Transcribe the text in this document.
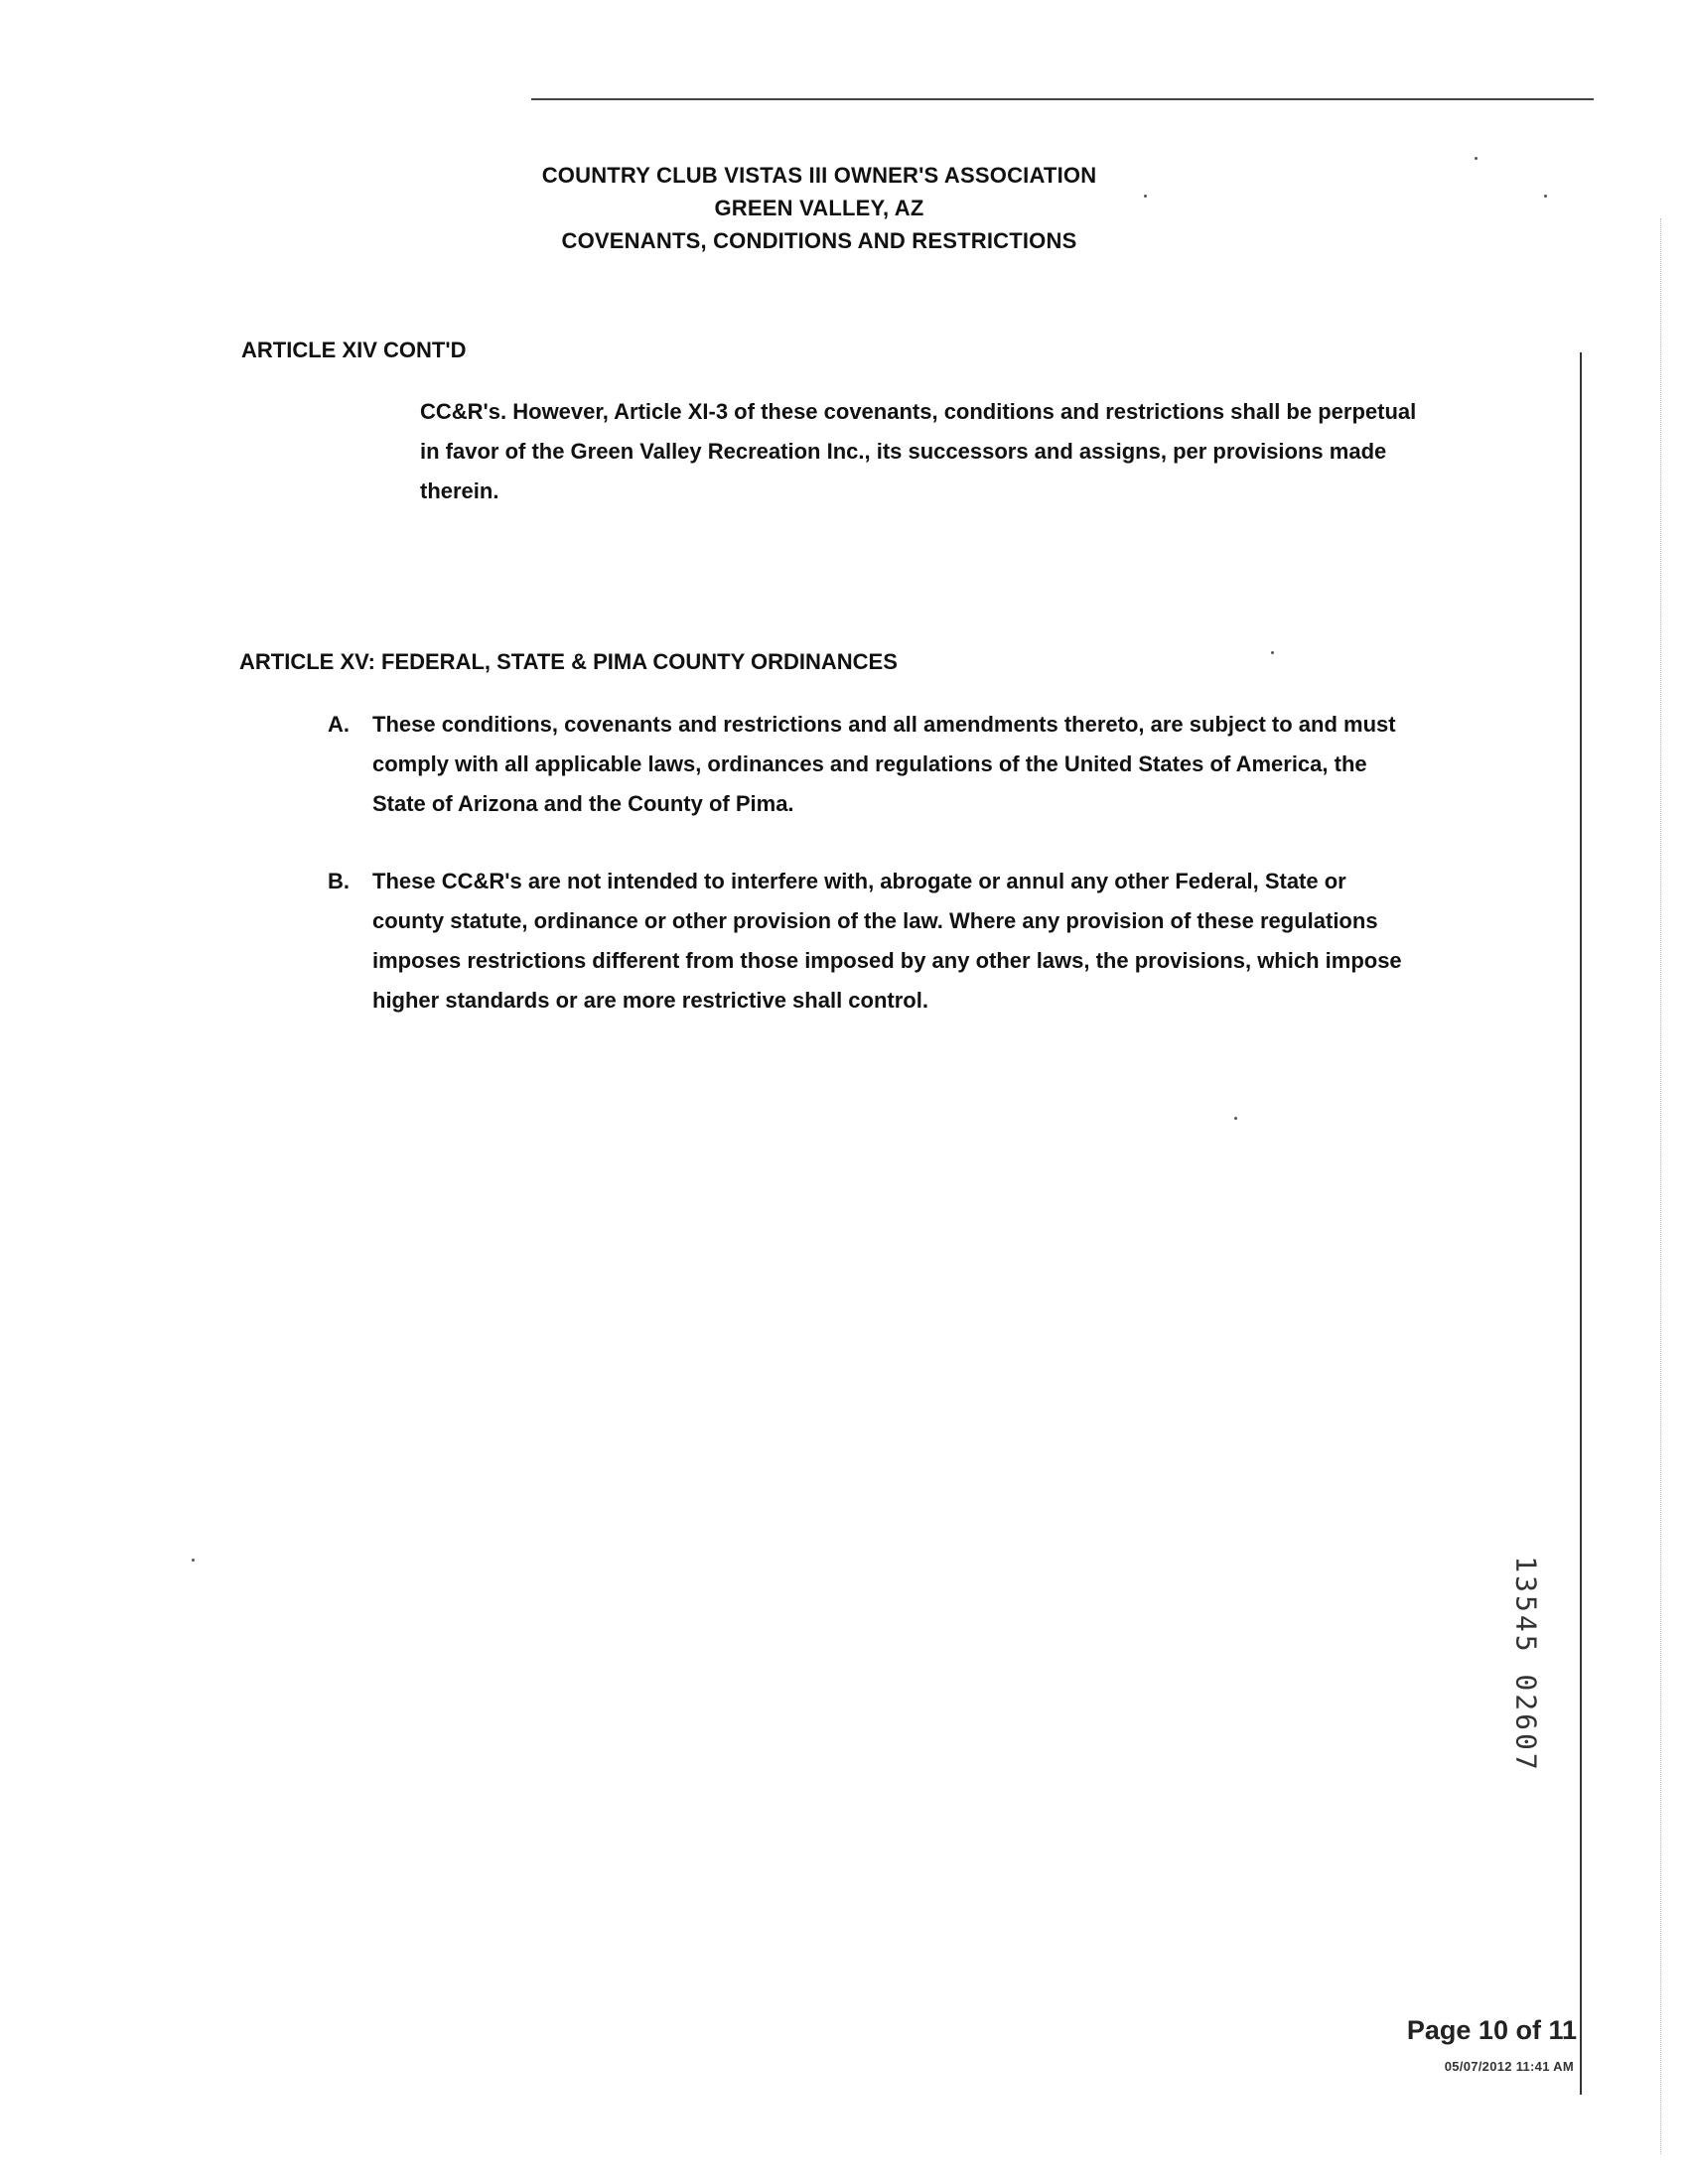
COUNTRY CLUB VISTAS III OWNER'S ASSOCIATION
GREEN VALLEY, AZ
COVENANTS, CONDITIONS AND RESTRICTIONS
ARTICLE XIV CONT'D
CC&R's. However, Article XI-3 of these covenants, conditions and restrictions shall be perpetual
in favor of the Green Valley Recreation Inc., its successors and assigns, per provisions made
therein.
ARTICLE XV: FEDERAL, STATE & PIMA COUNTY ORDINANCES
A.	These conditions, covenants and restrictions and all amendments thereto, are subject to and must
comply with all applicable laws, ordinances and regulations of the United States of America, the
State of Arizona and the County of Pima.
B.	These CC&R's are not intended to interfere with, abrogate or annul any other Federal, State or
county statute, ordinance or other provision of the law. Where any provision of these regulations
imposes restrictions different from those imposed by any other laws, the provisions, which impose
higher standards or are more restrictive shall control.
13545 02607
Page 10 of 11
05/07/2012 11:41 AM
